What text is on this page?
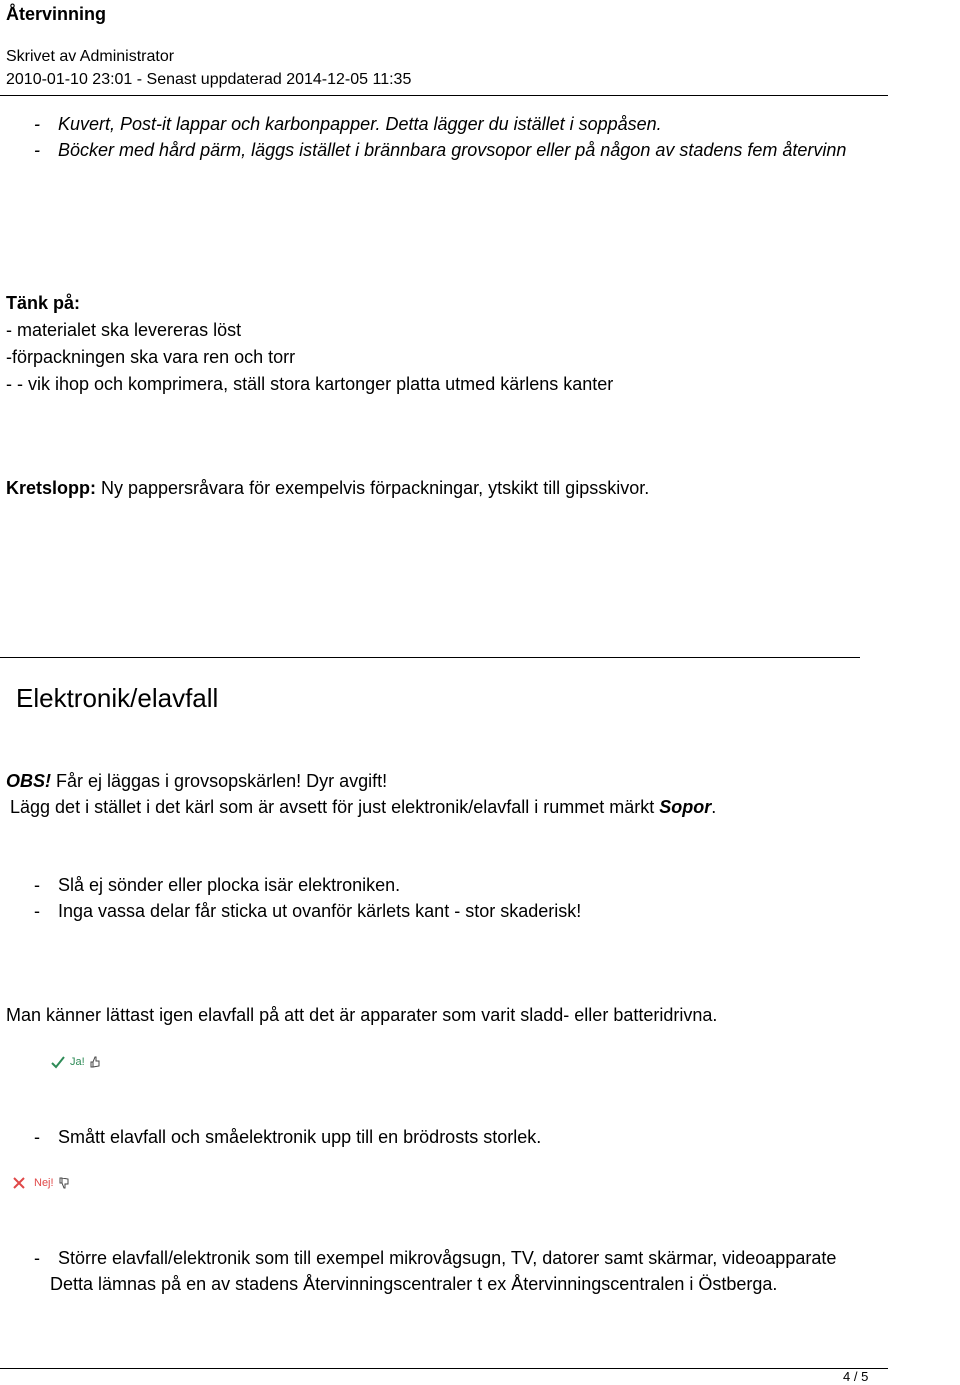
Återvinning
Skrivet av Administrator
2010-01-10 23:01 - Senast uppdaterad 2014-12-05 11:35
- Kuvert, Post-it lappar och karbonpapper. Detta lägger du istället i soppåsen.
- Böcker med hård pärm, läggs istället i brännbara grovsopor eller på någon av stadens fem återvinn
Tänk på:
- materialet ska levereras löst
-förpackningen ska vara ren och torr
- - vik ihop och komprimera, ställ stora kartonger platta utmed kärlens kanter
Kretslopp: Ny pappersråvara för exempelvis förpackningar, ytskikt till gipsskivor.
Elektronik/elavfall
OBS! Får ej läggas i grovsopskärlen! Dyr avgift!
Lägg det i stället i det kärl som är avsett för just elektronik/elavfall i rummet märkt Sopor.
- Slå ej sönder eller plocka isär elektroniken.
- Inga vassa delar får sticka ut ovanför kärlets kant - stor skaderisk!
Man känner lättast igen elavfall på att det är apparater som varit sladd- eller batteridrivna.
Ja!
- Smått elavfall och småelektronik upp till en brödrosts storlek.
Nej!
- Större elavfall/elektronik som till exempel mikrovågsugn, TV, datorer samt skärmar, videoapparate
Detta lämnas på en av stadens Återvinningscentraler t ex Återvinningscentralen i Östberga.
4 / 5
